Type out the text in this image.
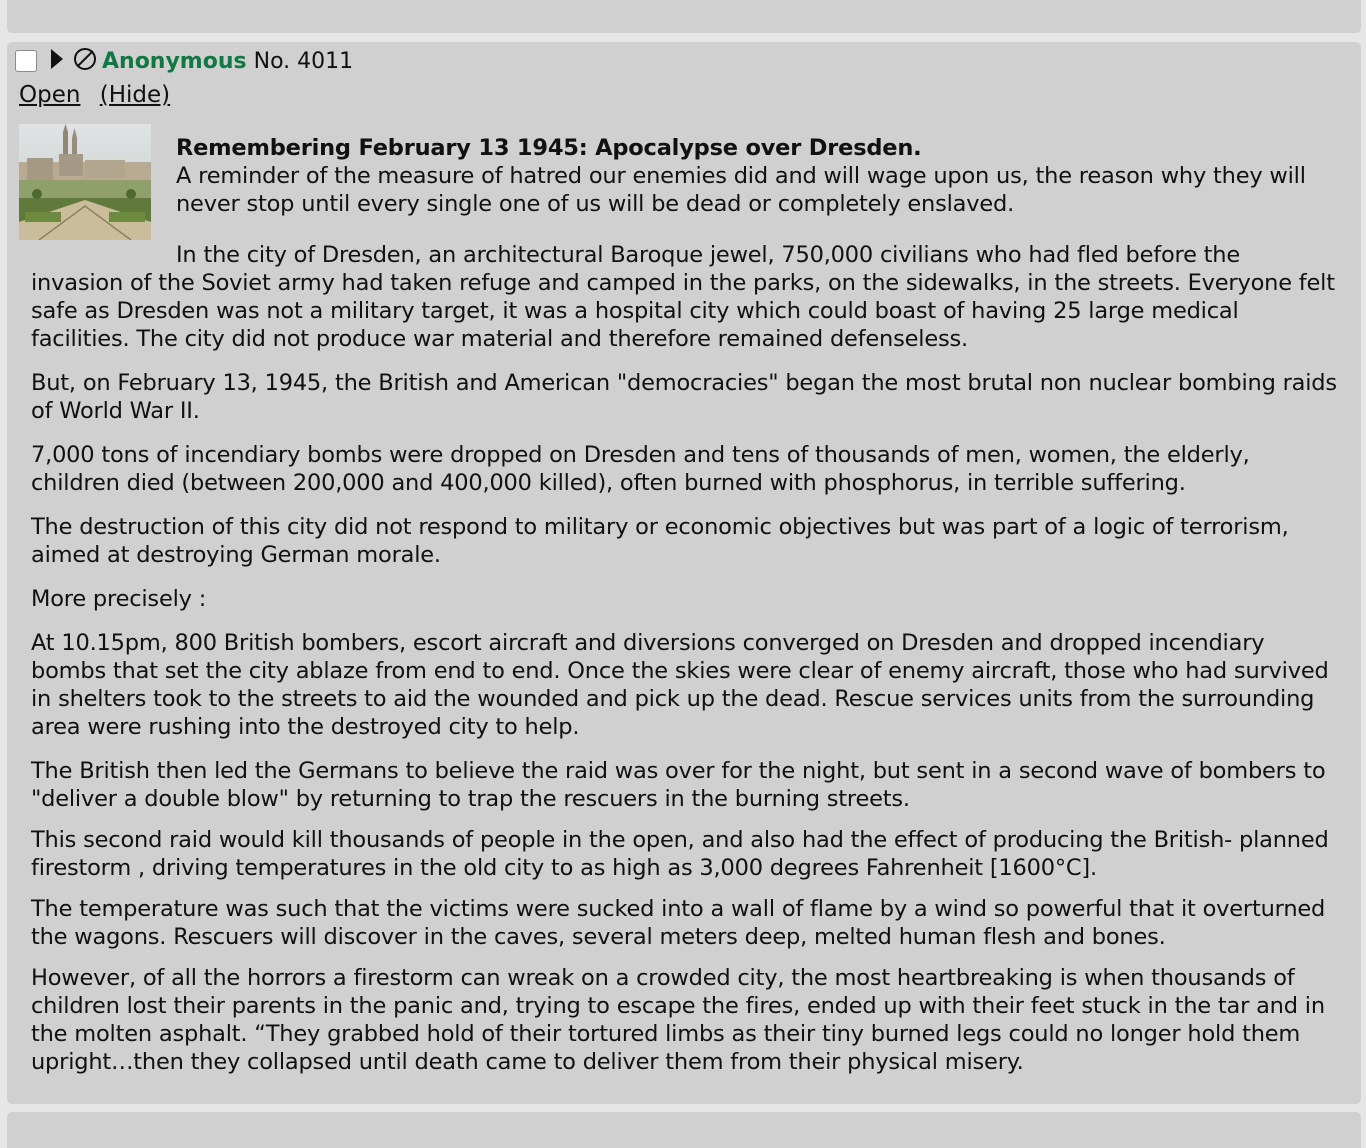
Anonymous No. 4011
Open (Hide)
Remembering February 13 1945: Apocalypse over Dresden.
A reminder of the measure of hatred our enemies did and will wage upon us, the reason why they will never stop until every single one of us will be dead or completely enslaved.

In the city of Dresden, an architectural Baroque jewel, 750,000 civilians who had fled before the invasion of the Soviet army had taken refuge and camped in the parks, on the sidewalks, in the streets. Everyone felt safe as Dresden was not a military target, it was a hospital city which could boast of having 25 large medical facilities. The city did not produce war material and therefore remained defenseless.

But, on February 13, 1945, the British and American "democracies" began the most brutal non nuclear bombing raids of World War II.

7,000 tons of incendiary bombs were dropped on Dresden and tens of thousands of men, women, the elderly, children died (between 200,000 and 400,000 killed), often burned with phosphorus, in terrible suffering.

The destruction of this city did not respond to military or economic objectives but was part of a logic of terrorism, aimed at destroying German morale.

More precisely :

At 10.15pm, 800 British bombers, escort aircraft and diversions converged on Dresden and dropped incendiary bombs that set the city ablaze from end to end. Once the skies were clear of enemy aircraft, those who had survived in shelters took to the streets to aid the wounded and pick up the dead. Rescue services units from the surrounding area were rushing into the destroyed city to help.

The British then led the Germans to believe the raid was over for the night, but sent in a second wave of bombers to "deliver a double blow" by returning to trap the rescuers in the burning streets.

This second raid would kill thousands of people in the open, and also had the effect of producing the British- planned firestorm , driving temperatures in the old city to as high as 3,000 degrees Fahrenheit [1600°C].

The temperature was such that the victims were sucked into a wall of flame by a wind so powerful that it overturned the wagons. Rescuers will discover in the caves, several meters deep, melted human flesh and bones.

However, of all the horrors a firestorm can wreak on a crowded city, the most heartbreaking is when thousands of children lost their parents in the panic and, trying to escape the fires, ended up with their feet stuck in the tar and in the molten asphalt. “They grabbed hold of their tortured limbs as their tiny burned legs could no longer hold them upright…then they collapsed until death came to deliver them from their physical misery.
